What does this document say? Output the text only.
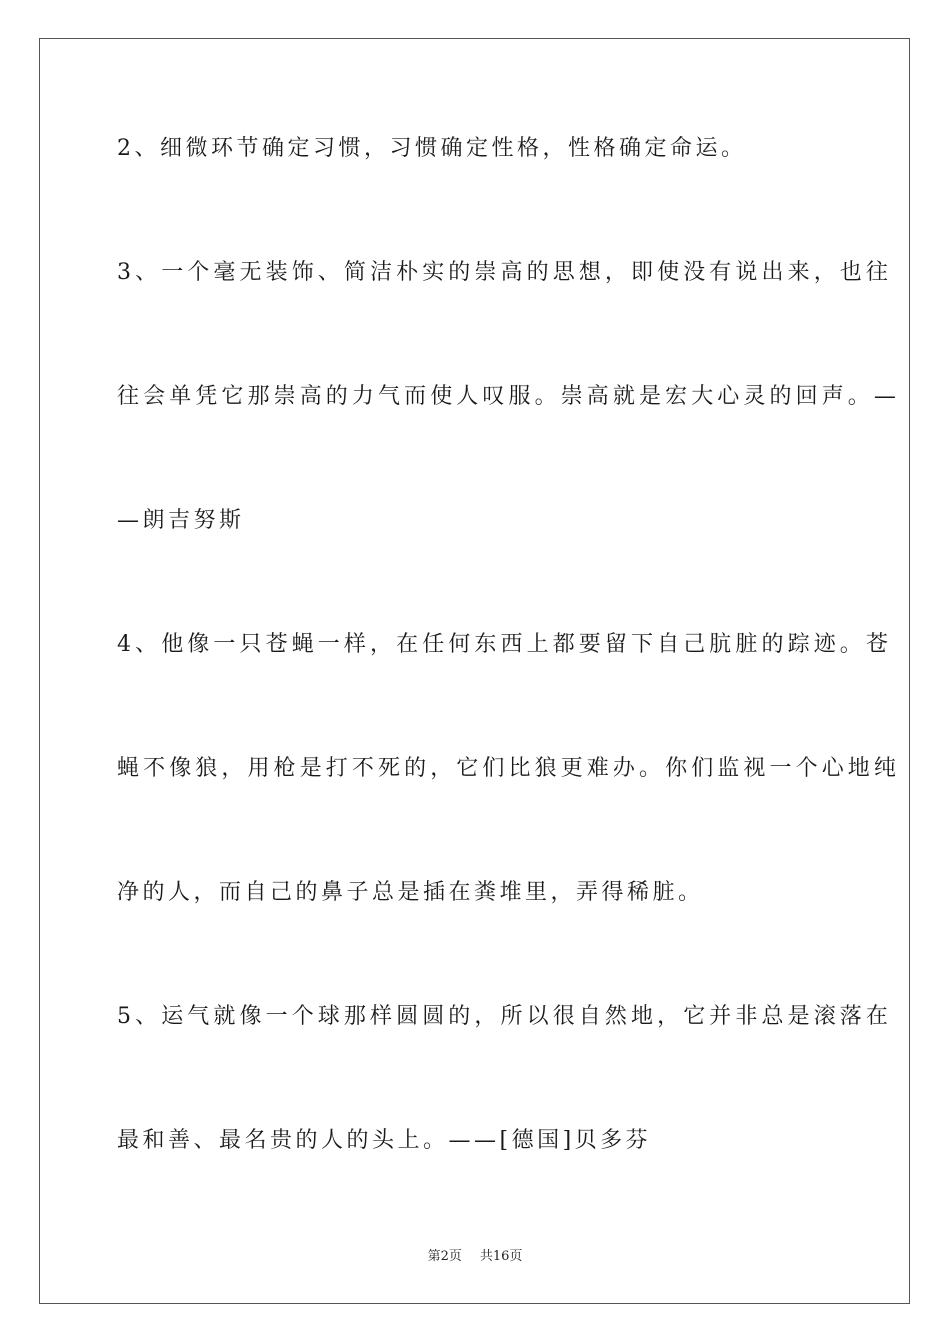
2、细微环节确定习惯，习惯确定性格，性格确定命运。
3、一个毫无装饰、简洁朴实的崇高的思想，即使没有说出来，也往
往会单凭它那崇高的力气而使人叹服。崇高就是宏大心灵的回声。—
—朗吉努斯
4、他像一只苍蝇一样，在任何东西上都要留下自己肮脏的踪迹。苍
蝇不像狼，用枪是打不死的，它们比狼更难办。你们监视一个心地纯
净的人，而自己的鼻子总是插在粪堆里，弄得稀脏。
5、运气就像一个球那样圆圆的，所以很自然地，它并非总是滚落在
最和善、最名贵的人的头上。——[德国]贝多芬
第2页 共16页
